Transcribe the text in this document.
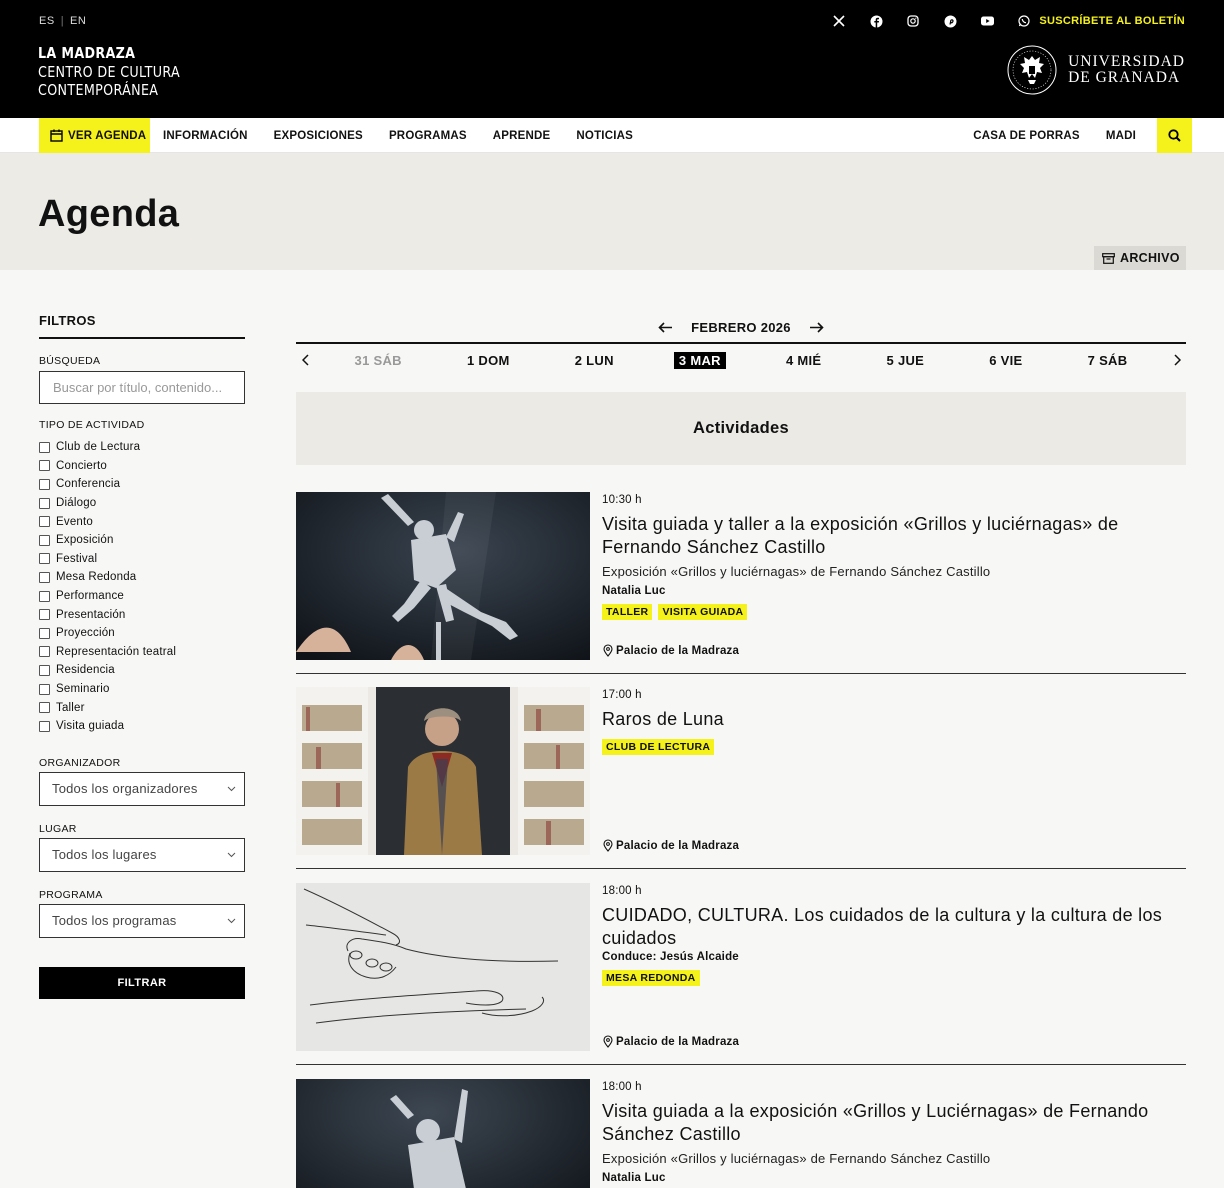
ES | EN	SUSCRÍBETE AL BOLETÍN
LA MADRAZA
CENTRO DE CULTURA
CONTEMPORÁNEA
UNIVERSIDAD
DE GRANADA
VER AGENDA INFORMACIÓN EXPOSICIONES PROGRAMAS APRENDE NOTICIAS	CASA DE PORRAS MADI
Agenda
ARCHIVO
FILTROS
BÚSQUEDA
Buscar por título, contenido...
TIPO DE ACTIVIDAD
Club de Lectura
Concierto
Conferencia
Diálogo
Evento
Exposición
Festival
Mesa Redonda
Performance
Presentación
Proyección
Representación teatral
Residencia
Seminario
Taller
Visita guiada
ORGANIZADOR
Todos los organizadores
LUGAR
Todos los lugares
PROGRAMA
Todos los programas
FILTRAR
FEBRERO 2026
31 SÁB	1 DOM	2 LUN	3 MAR	4 MIÉ	5 JUE	6 VIE	7 SÁB
Actividades
10:30 h
Visita guiada y taller a la exposición «Grillos y luciérnagas» de Fernando Sánchez Castillo
Exposición «Grillos y luciérnagas» de Fernando Sánchez Castillo
Natalia Luc
TALLER	VISITA GUIADA
Palacio de la Madraza
17:00 h
Raros de Luna
CLUB DE LECTURA
Palacio de la Madraza
18:00 h
CUIDADO, CULTURA. Los cuidados de la cultura y la cultura de los cuidados
Conduce: Jesús Alcaide
MESA REDONDA
Palacio de la Madraza
18:00 h
Visita guiada a la exposición «Grillos y Luciérnagas» de Fernando Sánchez Castillo
Exposición «Grillos y luciérnagas» de Fernando Sánchez Castillo
Natalia Luc
